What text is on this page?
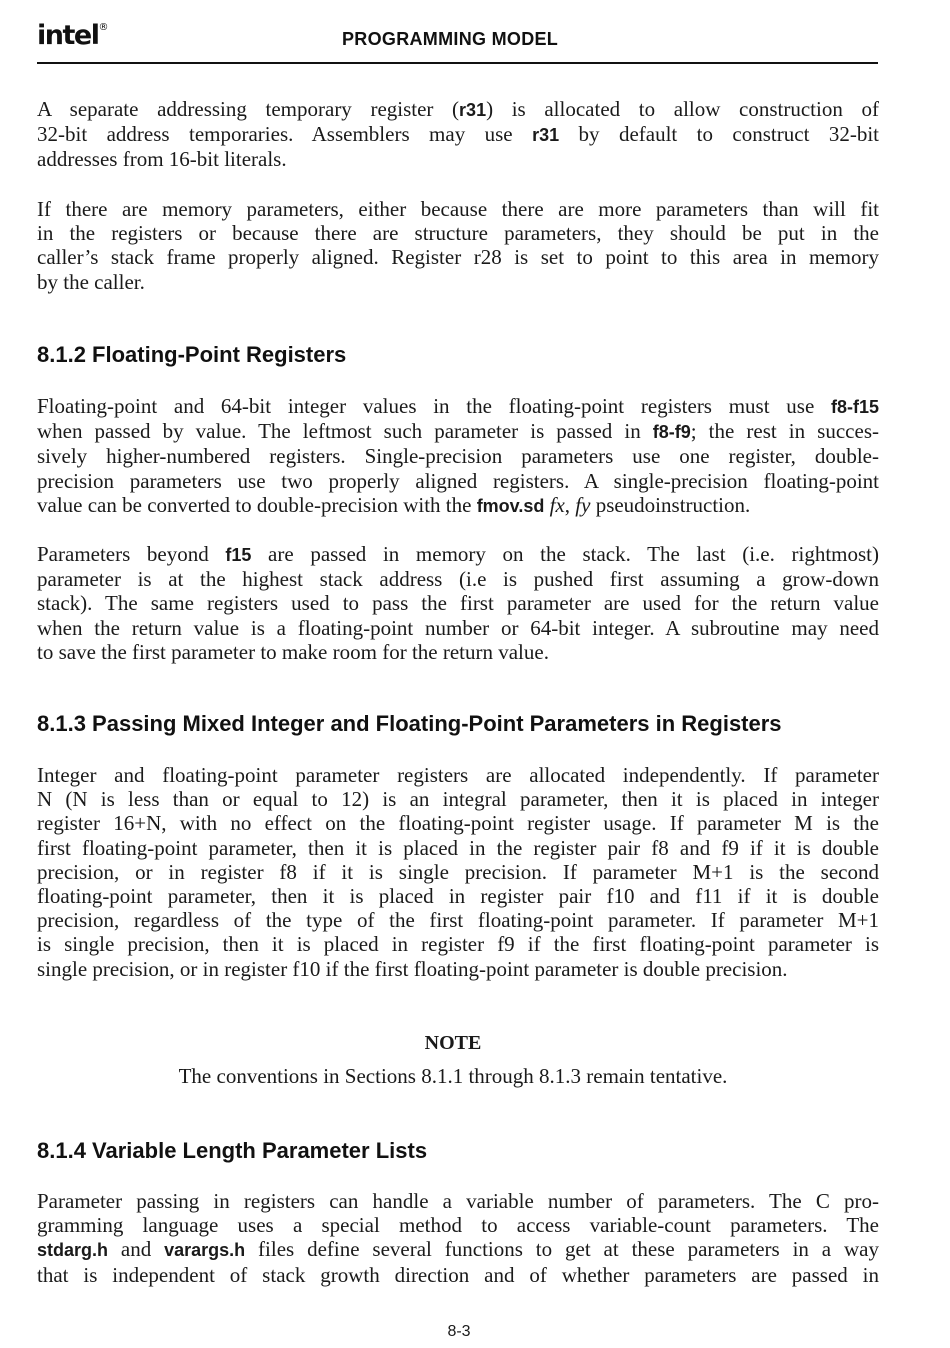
intel®
PROGRAMMING MODEL
A separate addressing temporary register (r31) is allocated to allow construction of
32-bit address temporaries. Assemblers may use r31 by default to construct 32-bit
addresses from 16-bit literals.
If there are memory parameters, either because there are more parameters than will fit
in the registers or because there are structure parameters, they should be put in the
caller’s stack frame properly aligned. Register r28 is set to point to this area in memory
by the caller.
8.1.2 Floating-Point Registers
Floating-point and 64-bit integer values in the floating-point registers must use f8-f15
when passed by value. The leftmost such parameter is passed in f8-f9; the rest in succes-
sively higher-numbered registers. Single-precision parameters use one register, double-
precision parameters use two properly aligned registers. A single-precision floating-point
value can be converted to double-precision with the fmov.sd fx, fy pseudoinstruction.
Parameters beyond f15 are passed in memory on the stack. The last (i.e. rightmost)
parameter is at the highest stack address (i.e is pushed first assuming a grow-down
stack). The same registers used to pass the first parameter are used for the return value
when the return value is a floating-point number or 64-bit integer. A subroutine may need
to save the first parameter to make room for the return value.
8.1.3 Passing Mixed Integer and Floating-Point Parameters in Registers
Integer and floating-point parameter registers are allocated independently. If parameter
N (N is less than or equal to 12) is an integral parameter, then it is placed in integer
register 16+N, with no effect on the floating-point register usage. If parameter M is the
first floating-point parameter, then it is placed in the register pair f8 and f9 if it is double
precision, or in register f8 if it is single precision. If parameter M+1 is the second
floating-point parameter, then it is placed in register pair f10 and f11 if it is double
precision, regardless of the type of the first floating-point parameter. If parameter M+1
is single precision, then it is placed in register f9 if the first floating-point parameter is
single precision, or in register f10 if the first floating-point parameter is double precision.
NOTE
The conventions in Sections 8.1.1 through 8.1.3 remain tentative.
8.1.4 Variable Length Parameter Lists
Parameter passing in registers can handle a variable number of parameters. The C pro-
gramming language uses a special method to access variable-count parameters. The
stdarg.h and varargs.h files define several functions to get at these parameters in a way
that is independent of stack growth direction and of whether parameters are passed in
8-3
